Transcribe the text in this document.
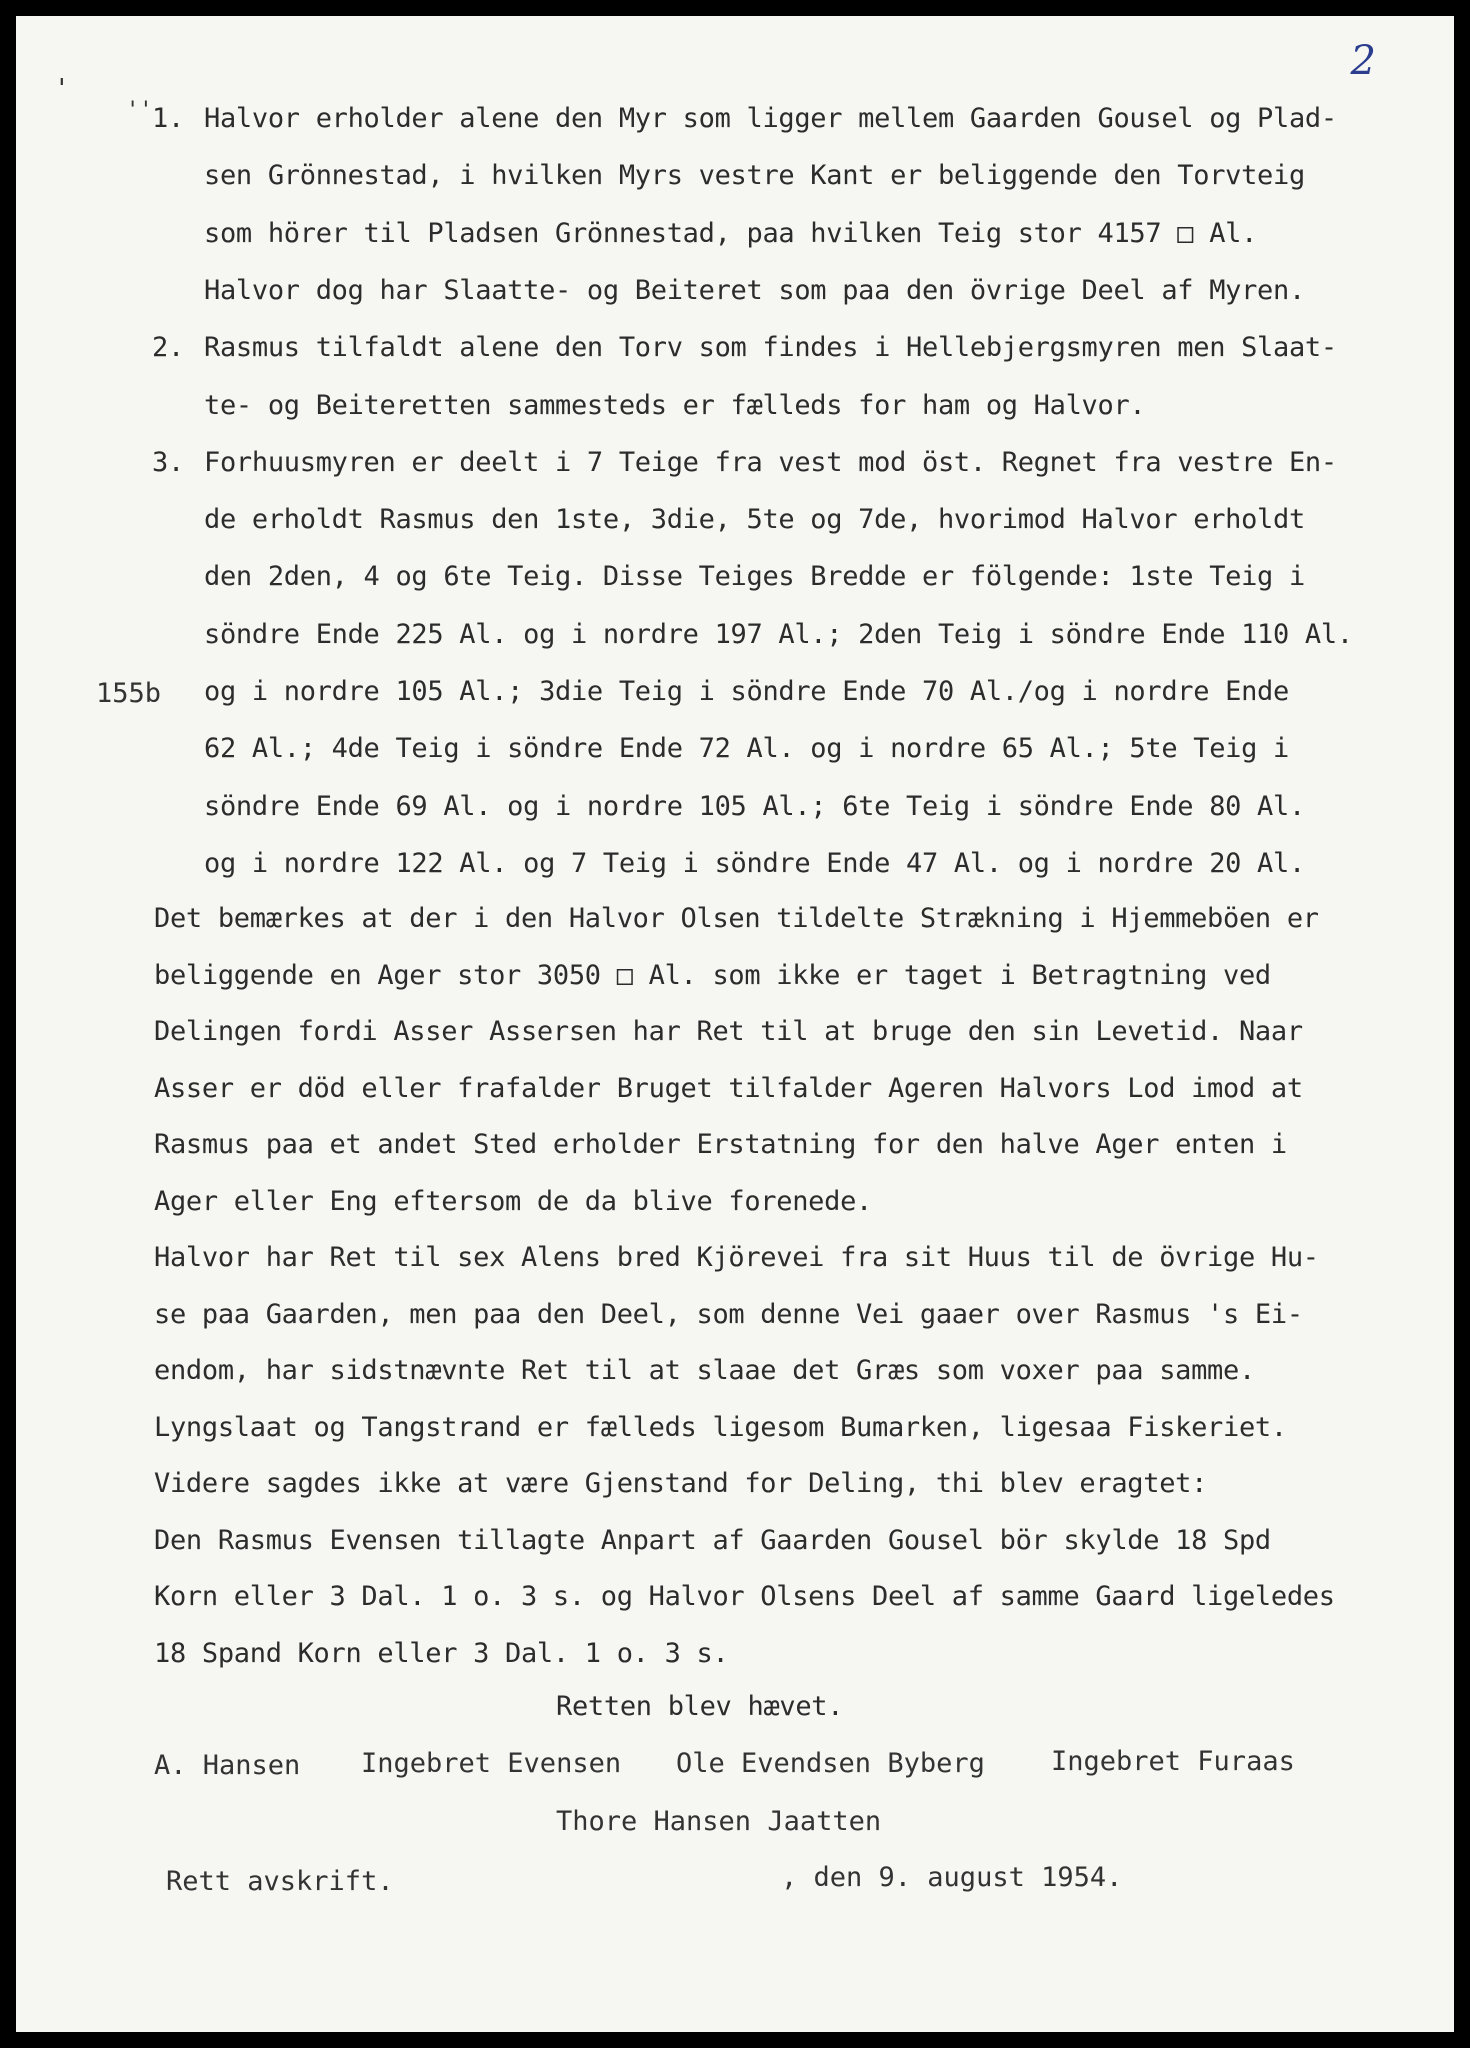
2
'
''
155b
1. Halvor erholder alene den Myr som ligger mellem Gaarden Gousel og Plad-
sen Grönnestad, i hvilken Myrs vestre Kant er beliggende den Torvteig
som hörer til Pladsen Grönnestad, paa hvilken Teig stor 4157 □ Al.
Halvor dog har Slaatte- og Beiteret som paa den övrige Deel af Myren.
2. Rasmus tilfaldt alene den Torv som findes i Hellebjergsmyren men Slaat-
te- og Beiteretten sammesteds er fælleds for ham og Halvor.
3. Forhuusmyren er deelt i 7 Teige fra vest mod öst. Regnet fra vestre En-
de erholdt Rasmus den 1ste, 3die, 5te og 7de, hvorimod Halvor erholdt
den 2den, 4 og 6te Teig. Disse Teiges Bredde er fölgende: 1ste Teig i
söndre Ende 225 Al. og i nordre 197 Al.; 2den Teig i söndre Ende 110 Al.
og i nordre 105 Al.; 3die Teig i söndre Ende 70 Al./og i nordre Ende
62 Al.; 4de Teig i söndre Ende 72 Al. og i nordre 65 Al.; 5te Teig i
söndre Ende 69 Al. og i nordre 105 Al.; 6te Teig i söndre Ende 80 Al.
og i nordre 122 Al. og 7 Teig i söndre Ende 47 Al. og i nordre 20 Al.
Det bemærkes at der i den Halvor Olsen tildelte Strækning i Hjemmeböen er
beliggende en Ager stor 3050 □ Al. som ikke er taget i Betragtning ved
Delingen fordi Asser Assersen har Ret til at bruge den sin Levetid. Naar
Asser er död eller frafalder Bruget tilfalder Ageren Halvors Lod imod at
Rasmus paa et andet Sted erholder Erstatning for den halve Ager enten i
Ager eller Eng eftersom de da blive forenede.
Halvor har Ret til sex Alens bred Kjörevei fra sit Huus til de övrige Hu-
se paa Gaarden, men paa den Deel, som denne Vei gaaer over Rasmus 's Ei-
endom, har sidstnævnte Ret til at slaae det Græs som voxer paa samme.
Lyngslaat og Tangstrand er fælleds ligesom Bumarken, ligesaa Fiskeriet.
Videre sagdes ikke at være Gjenstand for Deling, thi blev eragtet:
Den Rasmus Evensen tillagte Anpart af Gaarden Gousel bör skylde 18 Spd
Korn eller 3 Dal. 1 o. 3 s. og Halvor Olsens Deel af samme Gaard ligeledes
18 Spand Korn eller 3 Dal. 1 o. 3 s.
Retten blev hævet.
A. Hansen Ingebret Evensen Ole Evendsen Byberg Ingebret Furaas
Thore Hansen Jaatten
Rett avskrift.	, den 9. august 1954.
